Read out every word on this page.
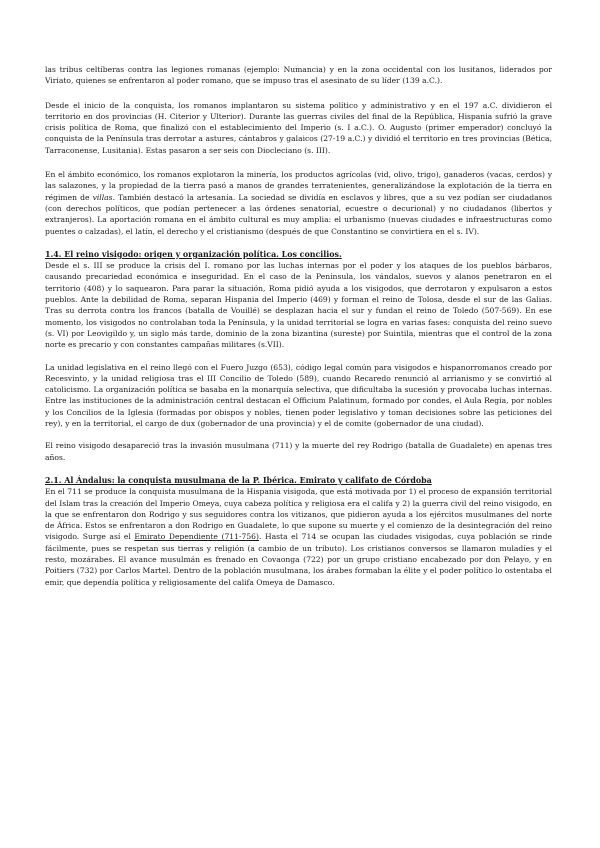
las tribus celtíberas contra las legiones romanas (ejemplo: Numancia) y en la zona occidental con los lusitanos, liderados por Viriato, quienes se enfrentaron al poder romano, que se impuso tras el asesinato de su líder (139 a.C.).

Desde el inicio de la conquista, los romanos implantaron su sistema político y administrativo y en el 197 a.C. dividieron el territorio en dos provincias (H. Citerior y Ulterior). Durante las guerras civiles del final de la República, Hispania sufrió la grave crisis política de Roma, que finalizó con el establecimiento del Imperio (s. I a.C.). O. Augusto (primer emperador) concluyó la conquista de la Península tras derrotar a astures, cántabros y galaicos (27-19 a.C.) y dividió el territorio en tres provincias (Bética, Tarraconense, Lusitania). Estas pasaron a ser seis con Diocleciano (s. III).

En el ámbito económico, los romanos explotaron la minería, los productos agrícolas (vid, olivo, trigo), ganaderos (vacas, cerdos) y las salazones, y la propiedad de la tierra pasó a manos de grandes terratenientes, generalizándose la explotación de la tierra en régimen de villas. También destacó la artesanía. La sociedad se dividía en esclavos y libres, que a su vez podían ser ciudadanos (con derechos políticos, que podían pertenecer a las órdenes senatorial, ecuestre o decurional) y no ciudadanos (libertos y extranjeros). La aportación romana en el ámbito cultural es muy amplia: el urbanismo (nuevas ciudades e infraestructuras como puentes o calzadas), el latín, el derecho y el cristianismo (después de que Constantino se convirtiera en el s. IV).

1.4. El reino visigodo: origen y organización política. Los concilios.

Desde el s. III se produce la crisis del I. romano por las luchas internas por el poder y los ataques de los pueblos bárbaros, causando precariedad económica e inseguridad. En el caso de la Península, los vándalos, suevos y alanos penetraron en el territorio (408) y lo saquearon. Para parar la situación, Roma pidió ayuda a los visigodos, que derrotaron y expulsaron a estos pueblos. Ante la debilidad de Roma, separan Hispania del Imperio (469) y forman el reino de Tolosa, desde el sur de las Galias. Tras su derrota contra los francos (batalla de Vouillé) se desplazan hacia el sur y fundan el reino de Toledo (507-569). En ese momento, los visigodos no controlaban toda la Península, y la unidad territorial se logra en varias fases: conquista del reino suevo (s. VI) por Leovigildo y, un siglo más tarde, dominio de la zona bizantina (sureste) por Suintila, mientras que el control de la zona norte es precario y con constantes campañas militares (s.VII).

La unidad legislativa en el reino llegó con el Fuero Juzgo (653), código legal común para visigodos e hispanorromanos creado por Recesvinto, y la unidad religiosa tras el III Concilio de Toledo (589), cuando Recaredo renunció al arrianismo y se convirtió al catolicismo. La organización política se basaba en la monarquía selectiva, que dificultaba la sucesión y provocaba luchas internas. Entre las instituciones de la administración central destacan el Officium Palatinum, formado por condes, el Aula Regia, por nobles y los Concilios de la Iglesia (formadas por obispos y nobles, tienen poder legislativo y toman decisiones sobre las peticiones del rey), y en la territorial, el cargo de dux (gobernador de una provincia) y el de comite (gobernador de una ciudad).

El reino visigodo desapareció tras la invasión musulmana (711) y la muerte del rey Rodrigo (batalla de Guadalete) en apenas tres años.

2.1. Al Ándalus: la conquista musulmana de la P. Ibérica. Emirato y califato de Córdoba

En el 711 se produce la conquista musulmana de la Hispania visigoda, que está motivada por 1) el proceso de expansión territorial del Islam tras la creación del Imperio Omeya, cuya cabeza política y religiosa era el califa y 2) la guerra civil del reino visigodo, en la que se enfrentaron don Rodrigo y sus seguidores contra los vitizanos, que pidieron ayuda a los ejércitos musulmanes del norte de África. Estos se enfrentaron a don Rodrigo en Guadalete, lo que supone su muerte y el comienzo de la desintegración del reino visigodo. Surge así el Emirato Dependiente (711-756). Hasta el 714 se ocupan las ciudades visigodas, cuya población se rinde fácilmente, pues se respetan sus tierras y religión (a cambio de un tributo). Los cristianos conversos se llamaron muladíes y el resto, mozárabes. El avance musulmán es frenado en Covaonga (722) por un grupo cristiano encabezado por don Pelayo, y en Poitiers (732) por Carlos Martel. Dentro de la población musulmana, los árabes formaban la élite y el poder político lo ostentaba el emir, que dependía política y religiosamente del califa Omeya de Damasco.
